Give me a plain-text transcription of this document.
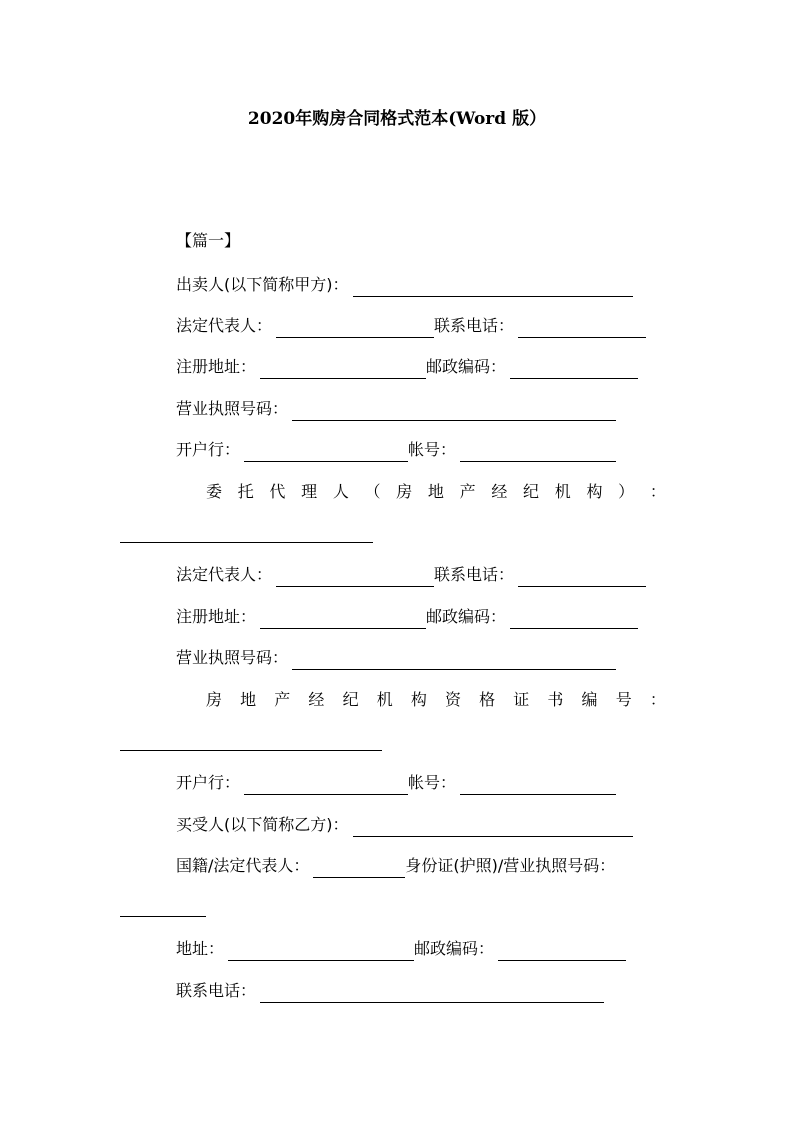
2020年购房合同格式范本(Word 版）
【篇一】
出卖人(以下简称甲方)：
法定代表人：	联系电话：
注册地址：	邮政编码：
营业执照号码：
开户行：	帐号：
委 托 代 理 人 （ 房 地 产 经 纪 机 构 ） ：
法定代表人：	联系电话：
注册地址：	邮政编码：
营业执照号码：
房 地 产 经 纪 机 构 资 格 证 书 编 号 ：
开户行：	帐号：
买受人(以下简称乙方)：
国籍/法定代表人：	身份证(护照)/营业执照号码：
地址：	邮政编码：
联系电话：
